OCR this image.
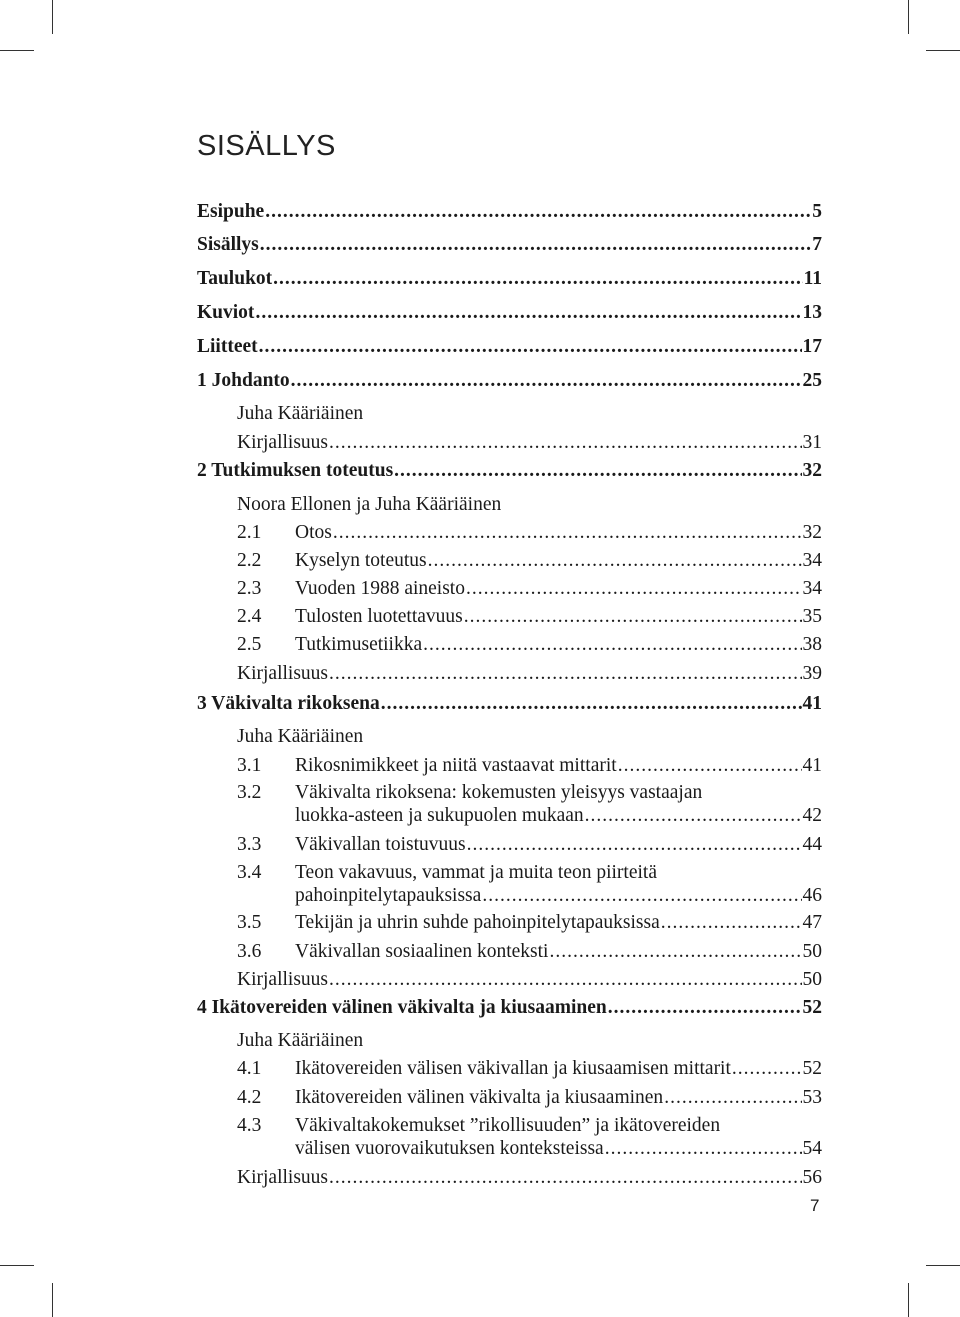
SISÄLLYS
Esipuhe .....	5
Sisällys .....	7
Taulukot .....	11
Kuviot .....	13
Liitteet .....	17
1 Johdanto .....	25
Juha Kääriäinen
Kirjallisuus .....	31
2 Tutkimuksen toteutus .....	32
Noora Ellonen ja Juha Kääriäinen
2.1	Otos .....	32
2.2	Kyselyn toteutus .....	34
2.3	Vuoden 1988 aineisto .....	34
2.4	Tulosten luotettavuus .....	35
2.5	Tutkimusetiikka .....	38
Kirjallisuus .....	39
3 Väkivalta rikoksena .....	41
Juha Kääriäinen
3.1	Rikosnimikkeet ja niitä vastaavat mittarit .....	41
3.2	Väkivalta rikoksena: kokemusten yleisyys vastaajan
luokka-asteen ja sukupuolen mukaan .....	42
3.3	Väkivallan toistuvuus .....	44
3.4	Teon vakavuus, vammat ja muita teon piirteitä
pahoinpitelytapauksissa .....	46
3.5	Tekijän ja uhrin suhde pahoinpitelytapauksissa .....	47
3.6	Väkivallan sosiaalinen konteksti .....	50
Kirjallisuus .....	50
4 Ikätovereiden välinen väkivalta ja kiusaaminen .....	52
Juha Kääriäinen
4.1	Ikätovereiden välisen väkivallan ja kiusaamisen mittarit .....	52
4.2	Ikätovereiden välinen väkivalta ja kiusaaminen .....	53
4.3	Väkivaltakokemukset ”rikollisuuden” ja ikätovereiden
välisen vuorovaikutuksen konteksteissa .....	54
Kirjallisuus .....	56
7
